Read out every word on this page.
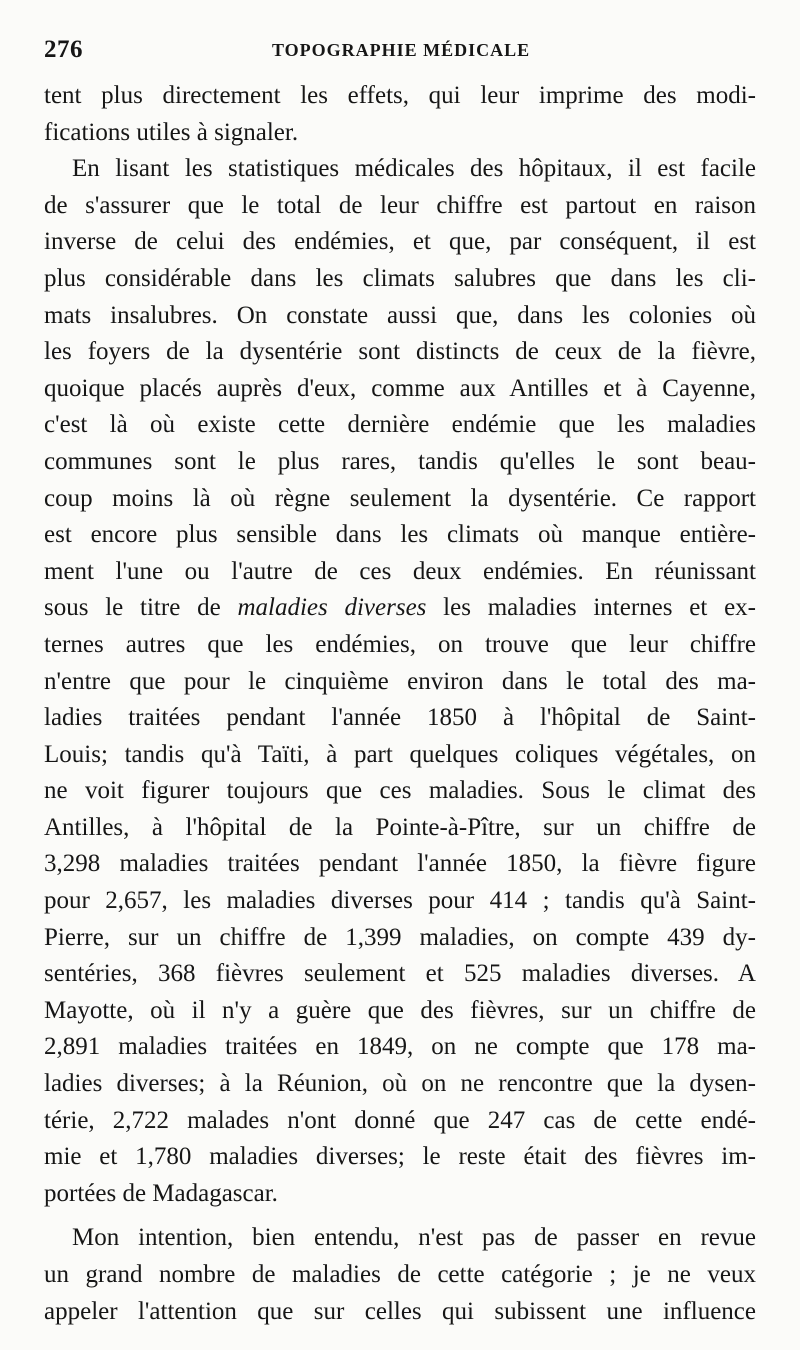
276	TOPOGRAPHIE MÉDICALE
tent plus directement les effets, qui leur imprime des modi-
fications utiles à signaler.
En lisant les statistiques médicales des hôpitaux, il est facile
de s'assurer que le total de leur chiffre est partout en raison
inverse de celui des endémies, et que, par conséquent, il est
plus considérable dans les climats salubres que dans les cli-
mats insalubres. On constate aussi que, dans les colonies où
les foyers de la dysentérie sont distincts de ceux de la fièvre,
quoique placés auprès d'eux, comme aux Antilles et à Cayenne,
c'est là où existe cette dernière endémie que les maladies
communes sont le plus rares, tandis qu'elles le sont beau-
coup moins là où règne seulement la dysentérie. Ce rapport
est encore plus sensible dans les climats où manque entière-
ment l'une ou l'autre de ces deux endémies. En réunissant
sous le titre de maladies diverses les maladies internes et ex-
ternes autres que les endémies, on trouve que leur chiffre
n'entre que pour le cinquième environ dans le total des ma-
ladies traitées pendant l'année 1850 à l'hôpital de Saint-
Louis; tandis qu'à Taïti, à part quelques coliques végétales, on
ne voit figurer toujours que ces maladies. Sous le climat des
Antilles, à l'hôpital de la Pointe-à-Pître, sur un chiffre de
3,298 maladies traitées pendant l'année 1850, la fièvre figure
pour 2,657, les maladies diverses pour 414 ; tandis qu'à Saint-
Pierre, sur un chiffre de 1,399 maladies, on compte 439 dy-
sentéries, 368 fièvres seulement et 525 maladies diverses. A
Mayotte, où il n'y a guère que des fièvres, sur un chiffre de
2,891 maladies traitées en 1849, on ne compte que 178 ma-
ladies diverses; à la Réunion, où on ne rencontre que la dysen-
térie, 2,722 malades n'ont donné que 247 cas de cette endé-
mie et 1,780 maladies diverses; le reste était des fièvres im-
portées de Madagascar.
Mon intention, bien entendu, n'est pas de passer en revue
un grand nombre de maladies de cette catégorie ; je ne veux
appeler l'attention que sur celles qui subissent une influence
